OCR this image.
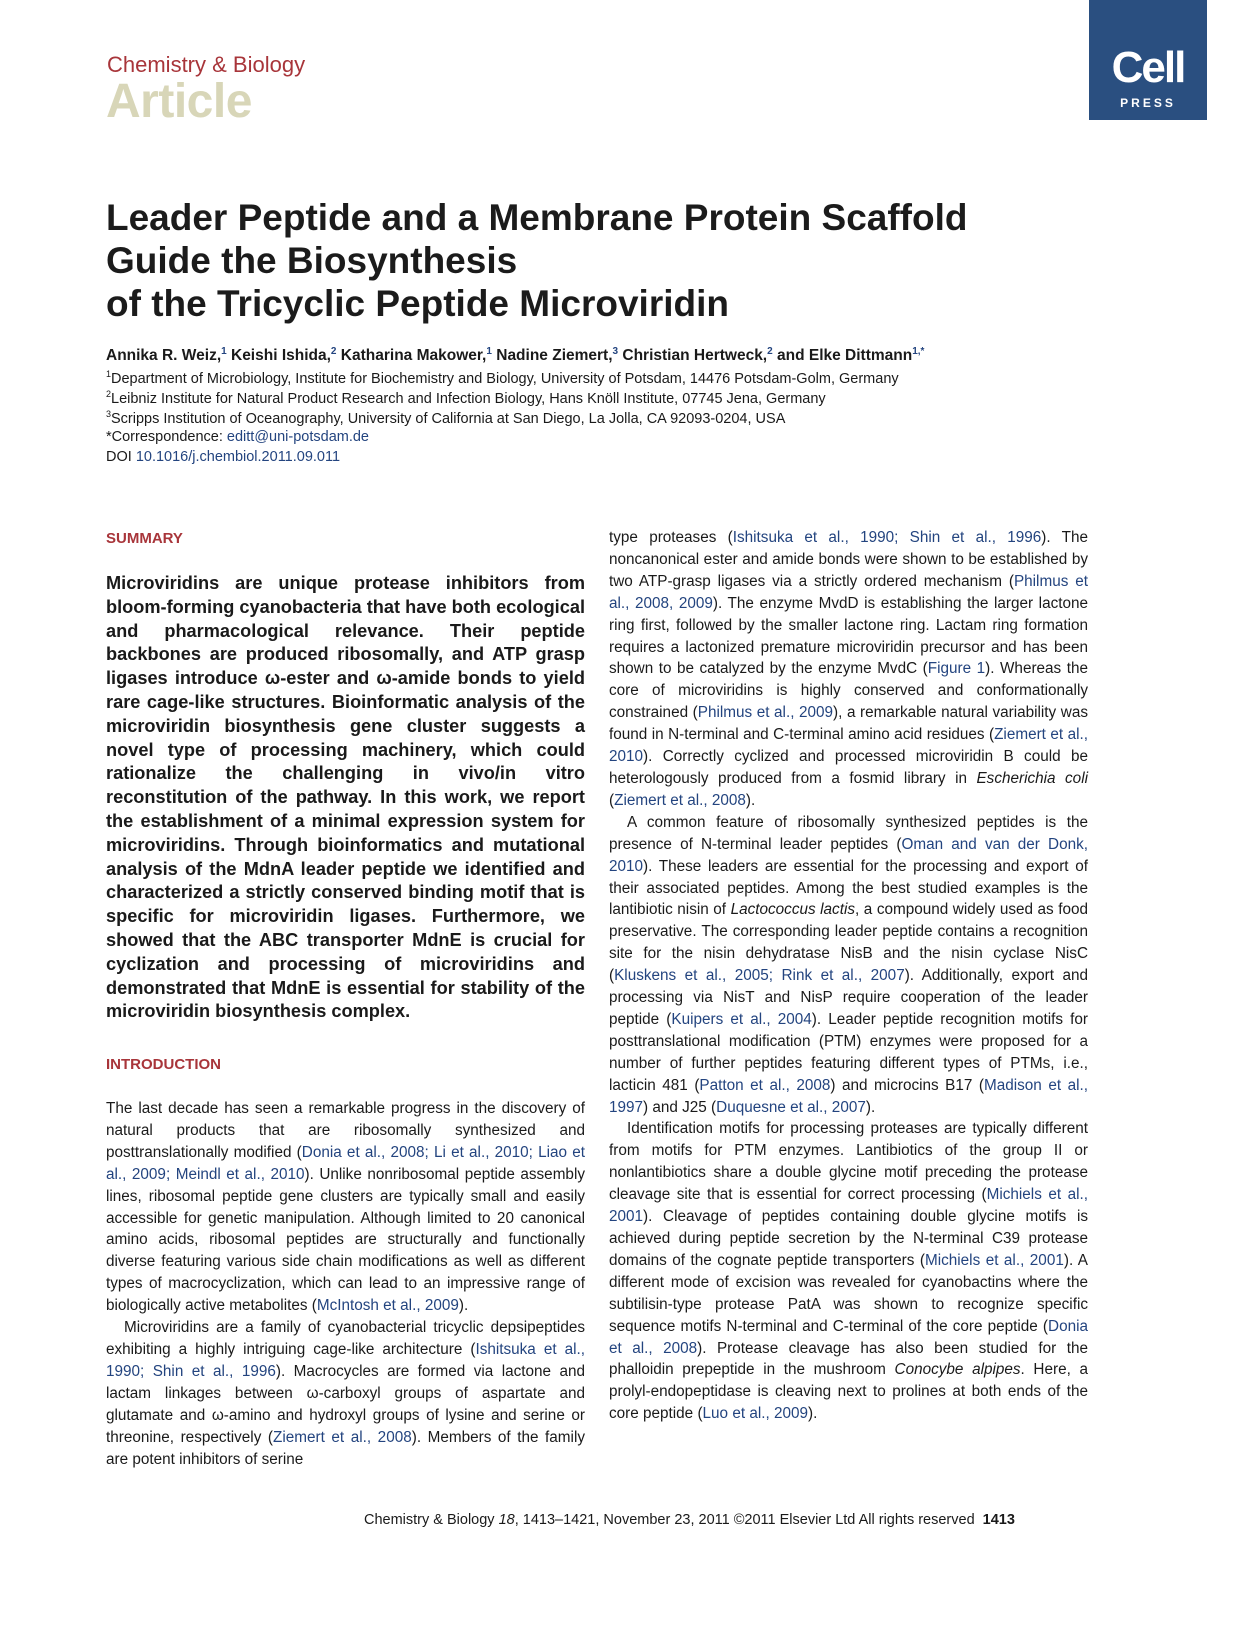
Chemistry & Biology
Article
Cell
PRESS
Leader Peptide and a Membrane Protein Scaffold
Guide the Biosynthesis
of the Tricyclic Peptide Microviridin
Annika R. Weiz,$^1$ Keishi Ishida,$^2$ Katharina Makower,$^1$ Nadine Ziemert,$^3$ Christian Hertweck,$^2$ and Elke Dittmann$^{1,*}$
$^1$Department of Microbiology, Institute for Biochemistry and Biology, University of Potsdam, 14476 Potsdam-Golm, Germany
$^2$Leibniz Institute for Natural Product Research and Infection Biology, Hans Knöll Institute, 07745 Jena, Germany
$^3$Scripps Institution of Oceanography, University of California at San Diego, La Jolla, CA 92093-0204, USA
*Correspondence: editt@uni-potsdam.de
DOI 10.1016/j.chembiol.2011.09.011
SUMMARY
Microviridins are unique protease inhibitors from bloom-forming cyanobacteria that have both ecological and pharmacological relevance. Their peptide backbones are produced ribosomally, and ATP grasp ligases introduce ω-ester and ω-amide bonds to yield rare cage-like structures. Bioinformatic analysis of the microviridin biosynthesis gene cluster suggests a novel type of processing machinery, which could rationalize the challenging in vivo/in vitro reconstitution of the pathway. In this work, we report the establishment of a minimal expression system for microviridins. Through bioinformatics and mutational analysis of the MdnA leader peptide we identified and characterized a strictly conserved binding motif that is specific for microviridin ligases. Furthermore, we showed that the ABC transporter MdnE is crucial for cyclization and processing of microviridins and demonstrated that MdnE is essential for stability of the microviridin biosynthesis complex.
INTRODUCTION

The last decade has seen a remarkable progress in the discovery of natural products that are ribosomally synthesized and posttranslationally modified (Donia et al., 2008; Li et al., 2010; Liao et al., 2009; Meindl et al., 2010). Unlike nonribosomal peptide assembly lines, ribosomal peptide gene clusters are typically small and easily accessible for genetic manipulation. Although limited to 20 canonical amino acids, ribosomal peptides are structurally and functionally diverse featuring various side chain modifications as well as different types of macrocyclization, which can lead to an impressive range of biologically active metabolites (McIntosh et al., 2009).

Microviridins are a family of cyanobacterial tricyclic depsipeptides exhibiting a highly intriguing cage-like architecture (Ishitsuka et al., 1990; Shin et al., 1996). Macrocycles are formed via lactone and lactam linkages between ω-carboxyl groups of aspartate and glutamate and ω-amino and hydroxyl groups of lysine and serine or threonine, respectively (Ziemert et al., 2008). Members of the family are potent inhibitors of serine

type proteases (Ishitsuka et al., 1990; Shin et al., 1996). The noncanonical ester and amide bonds were shown to be established by two ATP-grasp ligases via a strictly ordered mechanism (Philmus et al., 2008, 2009). The enzyme MvdD is establishing the larger lactone ring first, followed by the smaller lactone ring. Lactam ring formation requires a lactonized premature microviridin precursor and has been shown to be catalyzed by the enzyme MvdC (Figure 1). Whereas the core of microviridins is highly conserved and conformationally constrained (Philmus et al., 2009), a remarkable natural variability was found in N-terminal and C-terminal amino acid residues (Ziemert et al., 2010). Correctly cyclized and processed microviridin B could be heterologously produced from a fosmid library in Escherichia coli (Ziemert et al., 2008).

A common feature of ribosomally synthesized peptides is the presence of N-terminal leader peptides (Oman and van der Donk, 2010). These leaders are essential for the processing and export of their associated peptides. Among the best studied examples is the lantibiotic nisin of Lactococcus lactis, a compound widely used as food preservative. The corresponding leader peptide contains a recognition site for the nisin dehydratase NisB and the nisin cyclase NisC (Kluskens et al., 2005; Rink et al., 2007). Additionally, export and processing via NisT and NisP require cooperation of the leader peptide (Kuipers et al., 2004). Leader peptide recognition motifs for posttranslational modification (PTM) enzymes were proposed for a number of further peptides featuring different types of PTMs, i.e., lacticin 481 (Patton et al., 2008) and microcins B17 (Madison et al., 1997) and J25 (Duquesne et al., 2007).

Identification motifs for processing proteases are typically different from motifs for PTM enzymes. Lantibiotics of the group II or nonlantibiotics share a double glycine motif preceding the protease cleavage site that is essential for correct processing (Michiels et al., 2001). Cleavage of peptides containing double glycine motifs is achieved during peptide secretion by the N-terminal C39 protease domains of the cognate peptide transporters (Michiels et al., 2001). A different mode of excision was revealed for cyanobactins where the subtilisin-type protease PatA was shown to recognize specific sequence motifs N-terminal and C-terminal of the core peptide (Donia et al., 2008). Protease cleavage has also been studied for the phalloidin prepeptide in the mushroom Conocybe alpipes. Here, a prolyl-endopeptidase is cleaving next to prolines at both ends of the core peptide (Luo et al., 2009).

Chemistry & Biology 18, 1413–1421, November 23, 2011 ©2011 Elsevier Ltd All rights reserved 1413
